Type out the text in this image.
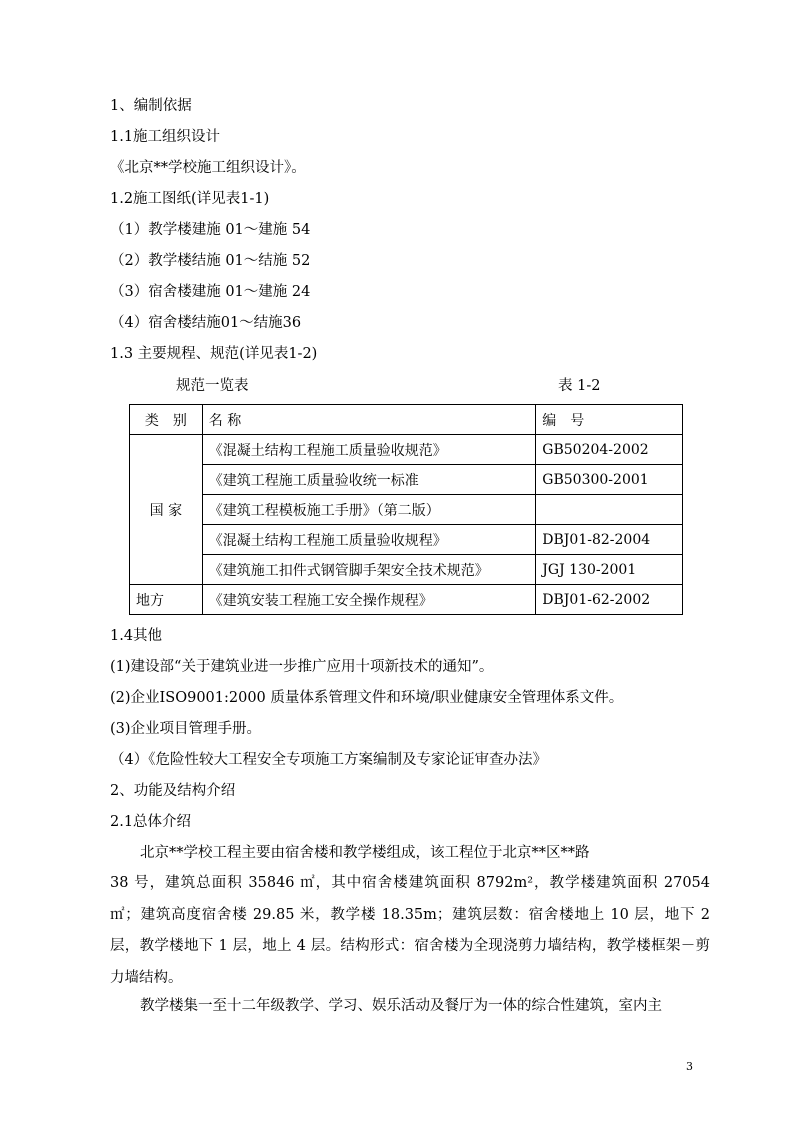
1、编制依据
1.1施工组织设计
《北京**学校施工组织设计》。
1.2施工图纸(详见表1-1)
（1）教学楼建施 01～建施 54
（2）教学楼结施 01～结施 52
（3）宿舍楼建施 01～建施 24
（4）宿舍楼结施01～结施36
1.3 主要规程、规范(详见表1-2)
规范一览表	表 1-2
类　别	名 称	编　号
国 家	《混凝土结构工程施工质量验收规范》	GB50204-2002
	《建筑工程施工质量验收统一标准	GB50300-2001
	《建筑工程模板施工手册》（第二版）	
	《混凝土结构工程施工质量验收规程》	DBJ01-82-2004
	《建筑施工扣件式钢管脚手架安全技术规范》	JGJ 130-2001
地方	《建筑安装工程施工安全操作规程》	DBJ01-62-2002
1.4其他
(1)建设部“关于建筑业进一步推广应用十项新技术的通知”。
(2)企业ISO9001:2000 质量体系管理文件和环境/职业健康安全管理体系文件。
(3)企业项目管理手册。
（4）《危险性较大工程安全专项施工方案编制及专家论证审查办法》
2、功能及结构介绍
2.1总体介绍
北京**学校工程主要由宿舍楼和教学楼组成，该工程位于北京**区**路
38 号，建筑总面积 35846 ㎡，其中宿舍楼建筑面积 8792m²，教学楼建筑面积 27054 ㎡；建筑高度宿舍楼 29.85 米，教学楼 18.35m；建筑层数：宿舍楼地上 10 层，地下 2 层，教学楼地下 1 层，地上 4 层。结构形式：宿舍楼为全现浇剪力墙结构，教学楼框架－剪力墙结构。
教学楼集一至十二年级教学、学习、娱乐活动及餐厅为一体的综合性建筑，室内主
3
